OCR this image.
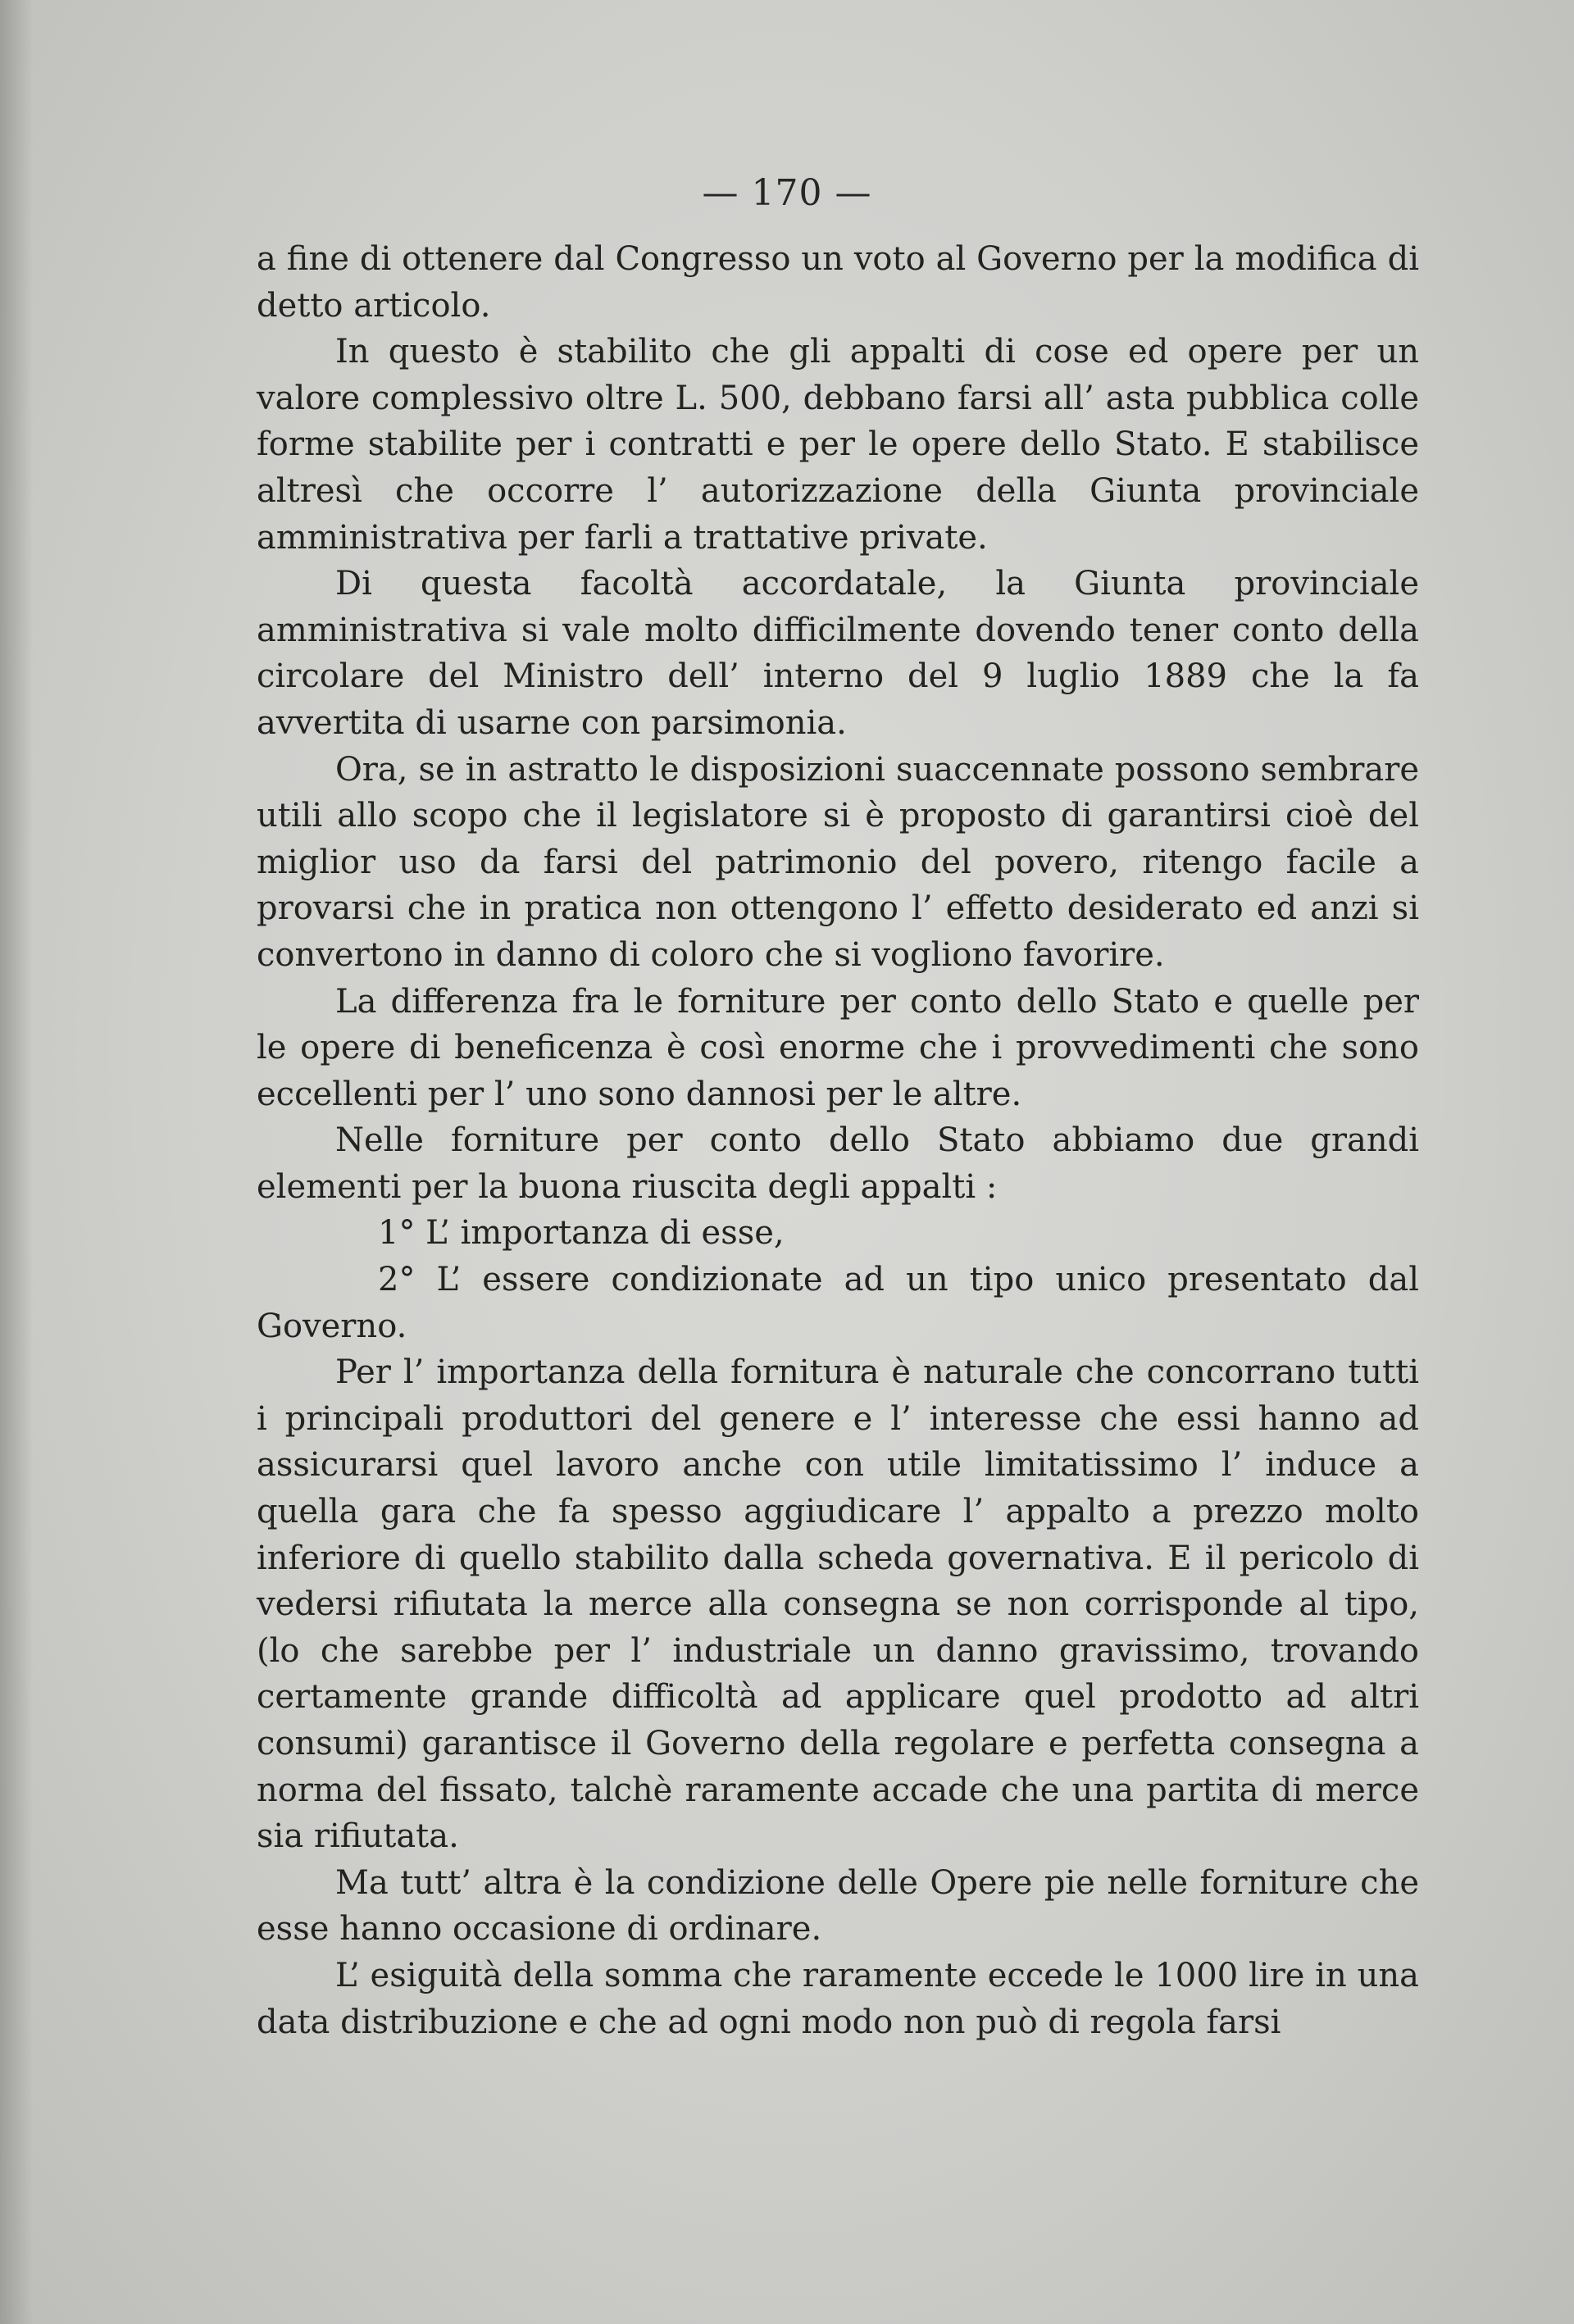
— 170 —

a fine di ottenere dal Congresso un voto al Governo per la modifica di detto articolo.

In questo è stabilito che gli appalti di cose ed opere per un valore complessivo oltre L. 500, debbano farsi all’ asta pubblica colle forme stabilite per i contratti e per le opere dello Stato. E stabilisce altresì che occorre l’ autorizzazione della Giunta provinciale amministrativa per farli a trattative private.

Di questa facoltà accordatale, la Giunta provinciale amministrativa si vale molto difficilmente dovendo tener conto della circolare del Ministro dell’ interno del 9 luglio 1889 che la fa avvertita di usarne con parsimonia.

Ora, se in astratto le disposizioni suaccennate possono sembrare utili allo scopo che il legislatore si è proposto di garantirsi cioè del miglior uso da farsi del patrimonio del povero, ritengo facile a provarsi che in pratica non ottengono l’ effetto desiderato ed anzi si convertono in danno di coloro che si vogliono favorire.

La differenza fra le forniture per conto dello Stato e quelle per le opere di beneficenza è così enorme che i provvedimenti che sono eccellenti per l’ uno sono dannosi per le altre.

Nelle forniture per conto dello Stato abbiamo due grandi elementi per la buona riuscita degli appalti :

1° L’ importanza di esse,

2° L’ essere condizionate ad un tipo unico presentato dal Governo.

Per l’ importanza della fornitura è naturale che concorrano tutti i principali produttori del genere e l’ interesse che essi hanno ad assicurarsi quel lavoro anche con utile limitatissimo l’ induce a quella gara che fa spesso aggiudicare l’ appalto a prezzo molto inferiore di quello stabilito dalla scheda governativa. E il pericolo di vedersi rifiutata la merce alla consegna se non corrisponde al tipo, (lo che sarebbe per l’ industriale un danno gravissimo, trovando certamente grande difficoltà ad applicare quel prodotto ad altri consumi) garantisce il Governo della regolare e perfetta consegna a norma del fissato, talchè raramente accade che una partita di merce sia rifiutata.

Ma tutt’ altra è la condizione delle Opere pie nelle forniture che esse hanno occasione di ordinare.

L’ esiguità della somma che raramente eccede le 1000 lire in una data distribuzione e che ad ogni modo non può di regola farsi
